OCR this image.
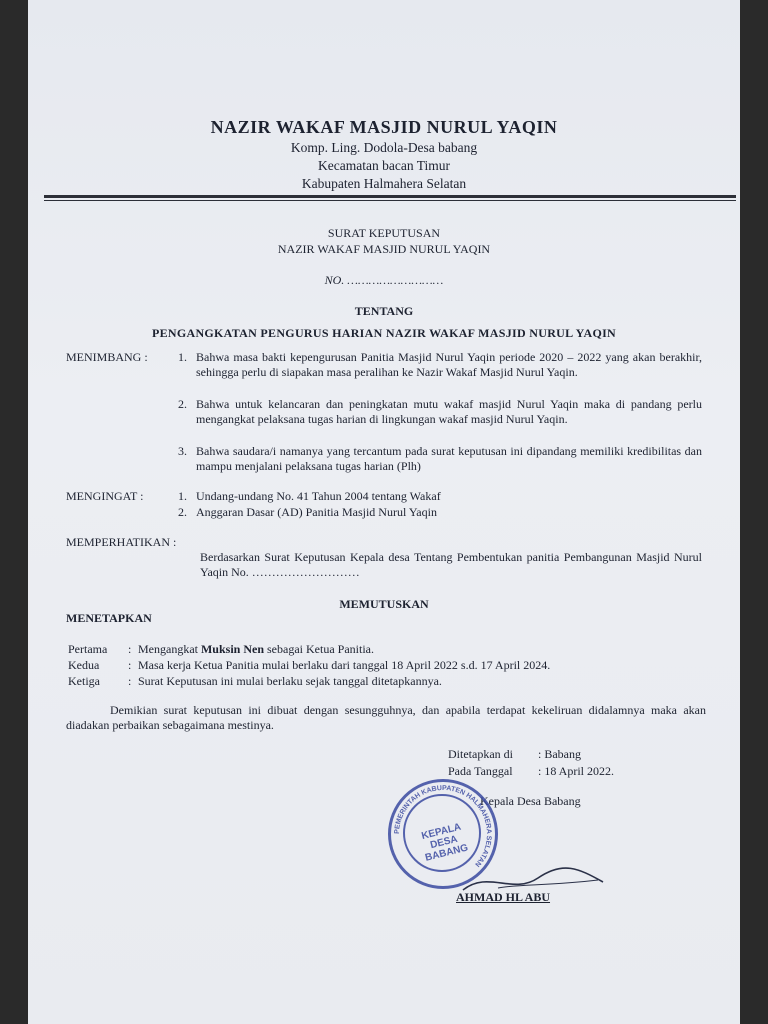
NAZIR WAKAF MASJID NURUL YAQIN
Komp. Ling. Dodola-Desa babang
Kecamatan bacan Timur
Kabupaten Halmahera Selatan
SURAT KEPUTUSAN
NAZIR WAKAF MASJID NURUL YAQIN
NO. ………………………
TENTANG
PENGANGKATAN PENGURUS HARIAN NAZIR WAKAF MASJID NURUL YAQIN
MENIMBANG :	1. Bahwa masa bakti kepengurusan Panitia Masjid Nurul Yaqin periode 2020 – 2022 yang akan berakhir, sehingga perlu di siapakan masa peralihan ke Nazir Wakaf Masjid Nurul Yaqin.
2. Bahwa untuk kelancaran dan peningkatan mutu wakaf masjid Nurul Yaqin maka di pandang perlu mengangkat pelaksana tugas harian di lingkungan wakaf masjid Nurul Yaqin.
3. Bahwa saudara/i namanya yang tercantum pada surat keputusan ini dipandang memiliki kredibilitas dan mampu menjalani pelaksana tugas harian (Plh)
MENGINGAT :	1. Undang-undang No. 41 Tahun 2004 tentang Wakaf
2. Anggaran Dasar (AD) Panitia Masjid Nurul Yaqin
MEMPERHATIKAN :
Berdasarkan Surat Keputusan Kepala desa Tentang Pembentukan panitia Pembangunan Masjid Nurul Yaqin No. ………………………
MEMUTUSKAN
MENETAPKAN
Pertama : Mengangkat Muksin Nen sebagai Ketua Panitia.
Kedua : Masa kerja Ketua Panitia mulai berlaku dari tanggal 18 April 2022 s.d. 17 April 2024.
Ketiga : Surat Keputusan ini mulai berlaku sejak tanggal ditetapkannya.
Demikian surat keputusan ini dibuat dengan sesungguhnya, dan apabila terdapat kekeliruan didalamnya maka akan diadakan perbaikan sebagaimana mestinya.
Ditetapkan di : Babang
Pada Tanggal : 18 April 2022.
Kepala Desa Babang
PEMERINTAH KABUPATEN HALMAHERA SELATAN
KEPALA DESA BABANG
AHMAD HL ABU
